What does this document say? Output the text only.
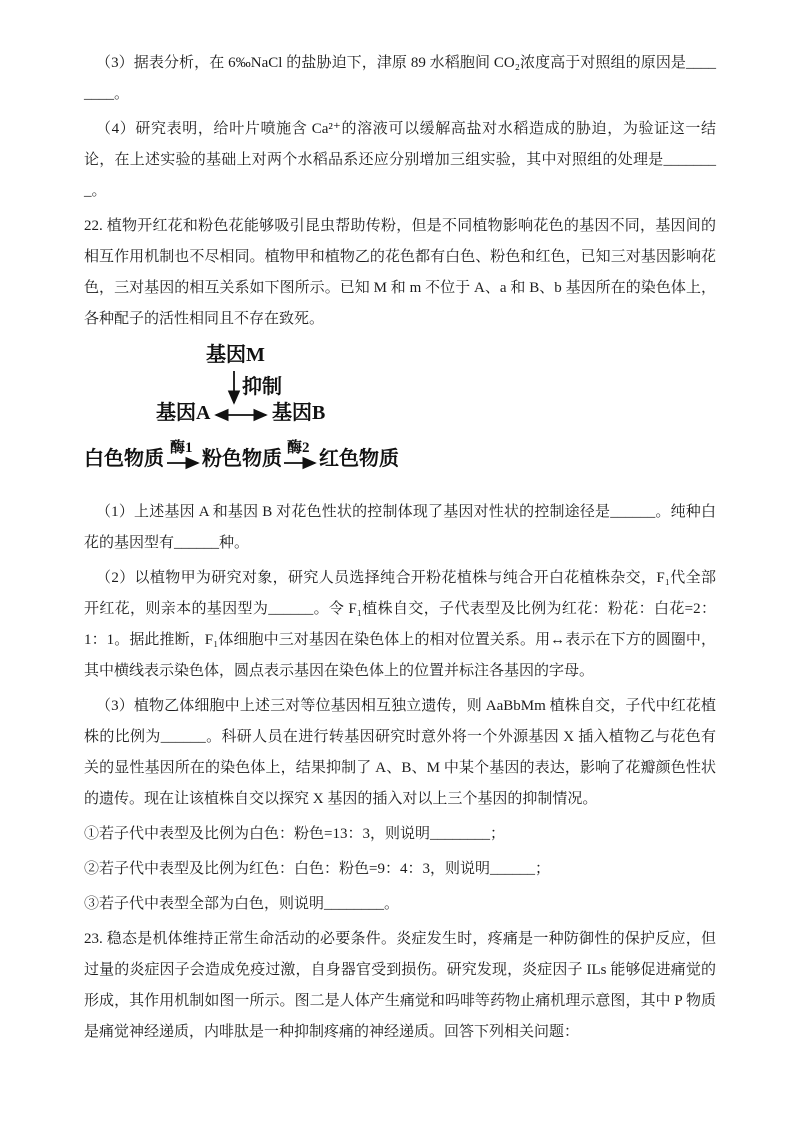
（3）据表分析，在 6‰NaCl 的盐胁迫下，津原 89 水稻胞间 CO₂浓度高于对照组的原因是________。

（4）研究表明，给叶片喷施含 Ca²⁺的溶液可以缓解高盐对水稻造成的胁迫，为验证这一结论，在上述实验的基础上对两个水稻品系还应分别增加三组实验，其中对照组的处理是________。

22. 植物开红花和粉色花能够吸引昆虫帮助传粉，但是不同植物影响花色的基因不同，基因间的相互作用机制也不尽相同。植物甲和植物乙的花色都有白色、粉色和红色，已知三对基因影响花色，三对基因的相互关系如下图所示。已知 M 和 m 不位于 A、a 和 B、b 基因所在的染色体上，各种配子的活性相同且不存在致死。

基因M
抑制
基因A	基因B
白色物质 酶1 粉色物质 酶2 红色物质

（1）上述基因 A 和基因 B 对花色性状的控制体现了基因对性状的控制途径是______。纯种白花的基因型有______种。

（2）以植物甲为研究对象，研究人员选择纯合开粉花植株与纯合开白花植株杂交，F₁代全部开红花，则亲本的基因型为______。令 F₁植株自交，子代表型及比例为红花：粉花：白花=2：1：1。据此推断，F₁体细胞中三对基因在染色体上的相对位置关系。用↔表示在下方的圆圈中，其中横线表示染色体，圆点表示基因在染色体上的位置并标注各基因的字母。

（3）植物乙体细胞中上述三对等位基因相互独立遗传，则 AaBbMm 植株自交，子代中红花植株的比例为______。科研人员在进行转基因研究时意外将一个外源基因 X 插入植物乙与花色有关的显性基因所在的染色体上，结果抑制了 A、B、M 中某个基因的表达，影响了花瓣颜色性状的遗传。现在让该植株自交以探究 X 基因的插入对以上三个基因的抑制情况。

①若子代中表型及比例为白色：粉色=13：3，则说明________；

②若子代中表型及比例为红色：白色：粉色=9：4：3，则说明______；

③若子代中表型全部为白色，则说明________。

23. 稳态是机体维持正常生命活动的必要条件。炎症发生时，疼痛是一种防御性的保护反应，但过量的炎症因子会造成免疫过激，自身器官受到损伤。研究发现，炎症因子 ILs 能够促进痛觉的形成，其作用机制如图一所示。图二是人体产生痛觉和吗啡等药物止痛机理示意图，其中 P 物质是痛觉神经递质，内啡肽是一种抑制疼痛的神经递质。回答下列相关问题：
